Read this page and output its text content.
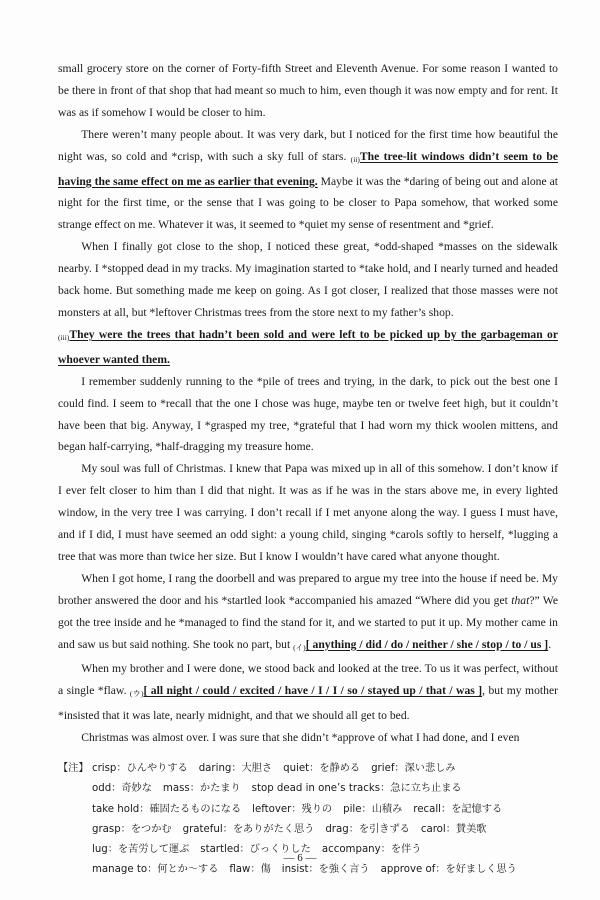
small grocery store on the corner of Forty-fifth Street and Eleventh Avenue. For some reason I wanted to be there in front of that shop that had meant so much to him, even though it was now empty and for rent. It was as if somehow I would be closer to him.

There weren’t many people about. It was very dark, but I noticed for the first time how beautiful the night was, so cold and *crisp, with such a sky full of stars. (ii)The tree-lit windows didn’t seem to be having the same effect on me as earlier that evening. Maybe it was the *daring of being out and alone at night for the first time, or the sense that I was going to be closer to Papa somehow, that worked some strange effect on me. Whatever it was, it seemed to *quiet my sense of resentment and *grief.

When I finally got close to the shop, I noticed these great, *odd-shaped *masses on the sidewalk nearby. I *stopped dead in my tracks. My imagination started to *take hold, and I nearly turned and headed back home. But something made me keep on going. As I got closer, I realized that those masses were not monsters at all, but *leftover Christmas trees from the store next to my father’s shop.
(iii)They were the trees that hadn’t been sold and were left to be picked up by the garbageman or whoever wanted them.

I remember suddenly running to the *pile of trees and trying, in the dark, to pick out the best one I could find. I seem to *recall that the one I chose was huge, maybe ten or twelve feet high, but it couldn’t have been that big. Anyway, I *grasped my tree, *grateful that I had worn my thick woolen mittens, and began half-carrying, *half-dragging my treasure home.

My soul was full of Christmas. I knew that Papa was mixed up in all of this somehow. I don’t know if I ever felt closer to him than I did that night. It was as if he was in the stars above me, in every lighted window, in the very tree I was carrying. I don’t recall if I met anyone along the way. I guess I must have, and if I did, I must have seemed an odd sight: a young child, singing *carols softly to herself, *lugging a tree that was more than twice her size. But I know I wouldn’t have cared what anyone thought.

When I got home, I rang the doorbell and was prepared to argue my tree into the house if need be. My brother answered the door and his *startled look *accompanied his amazed “Where did you get that?” We got the tree inside and he *managed to find the stand for it, and we started to put it up. My mother came in and saw us but said nothing. She took no part, but (イ)[ anything / did / do / neither / she / stop / to / us ].

When my brother and I were done, we stood back and looked at the tree. To us it was perfect, without a single *flaw. (ウ)[ all night / could / excited / have / I / I / so / stayed up / that / was ], but my mother *insisted that it was late, nearly midnight, and that we should all get to bed.

Christmas was almost over. I was sure that she didn’t *approve of what I had done, and I even

【注】 crisp：ひんやりする daring：大胆さ quiet：を静める grief：深い悲しみ
odd：奇妙な mass：かたまり stop dead in one’s tracks：急に立ち止まる
take hold：確固たるものになる leftover：残りの pile：山積み recall：を記憶する
grasp：をつかむ grateful：をありがたく思う drag：を引きずる carol：賛美歌
lug：を苦労して運ぶ startled：びっくりした accompany：を伴う
manage to：何とか～する flaw：傷 insist：を強く言う approve of：を好ましく思う
— 6 —
